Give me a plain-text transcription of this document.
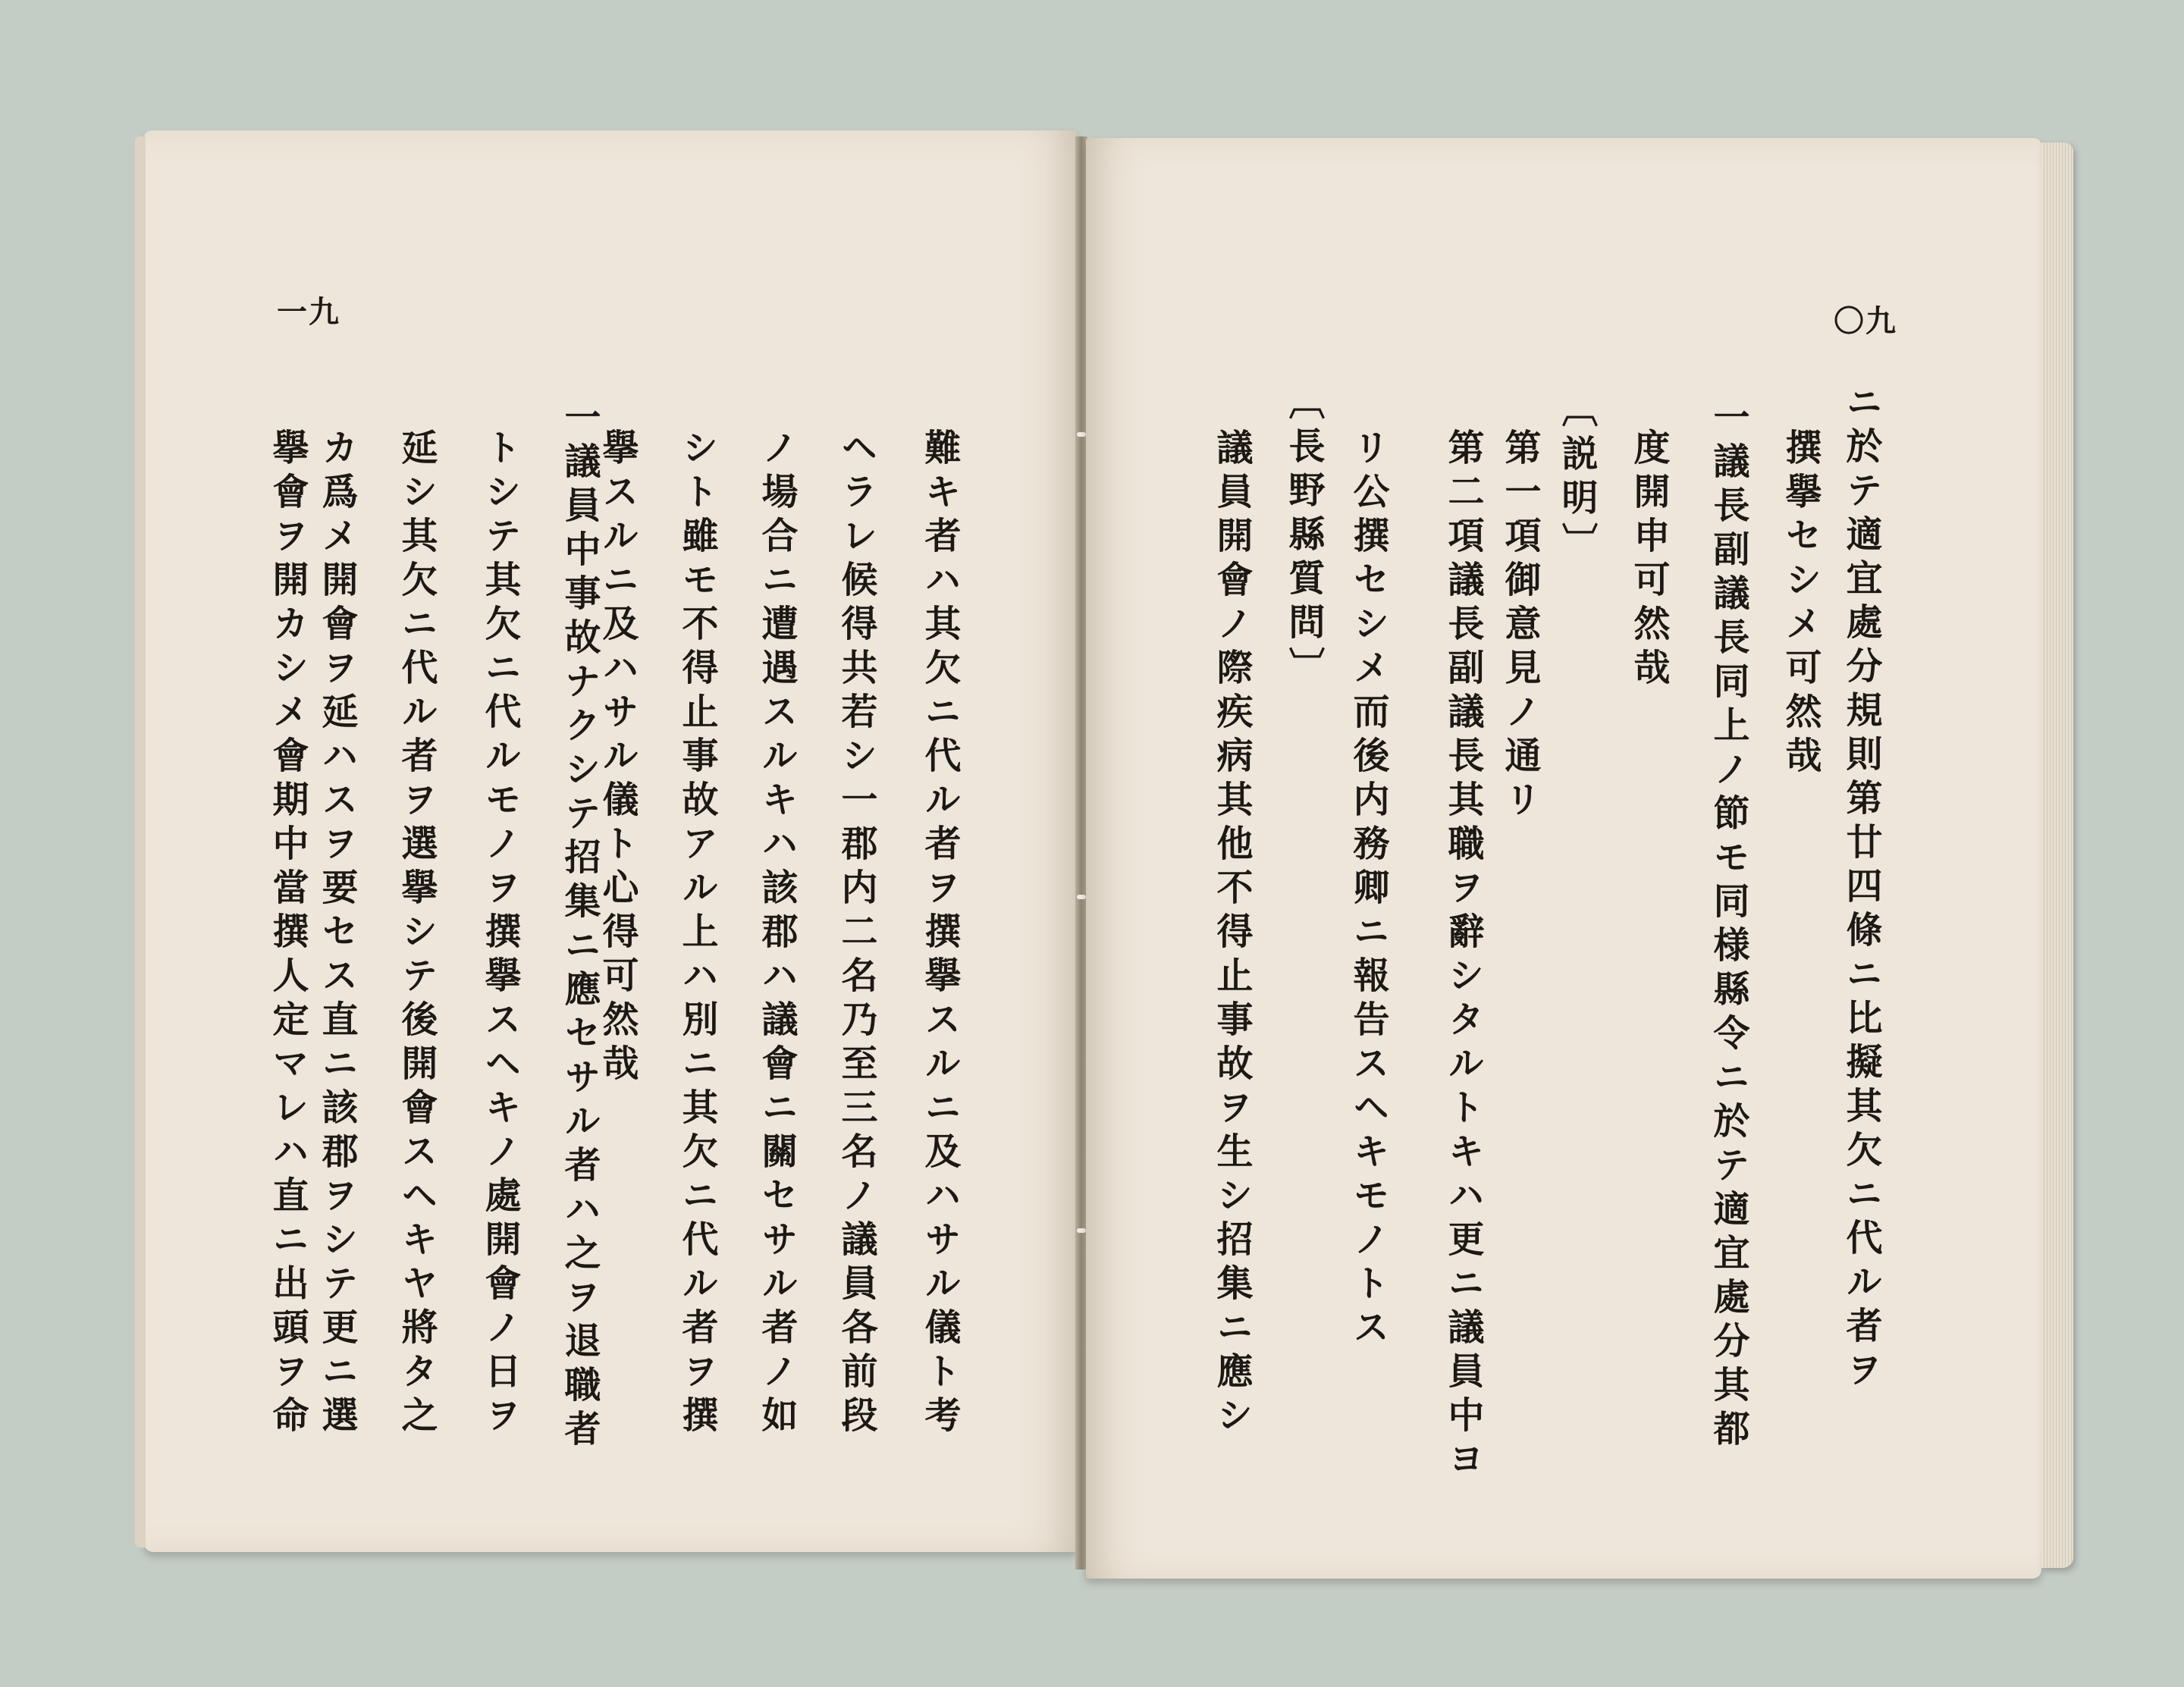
一九
難キ者ハ其欠ニ代ル者ヲ撰擧スルニ及ハサル儀ト考
ヘラレ候得共若シ一郡内二名乃至三名ノ議員各前段
ノ場合ニ遭遇スルキハ該郡ハ議會ニ關セサル者ノ如
シト雖モ不得止事故アル上ハ別ニ其欠ニ代ル者ヲ撰
擧スルニ及ハサル儀ト心得可然哉
一議員中事故ナクシテ招集ニ應セサル者ハ之ヲ退職者
トシテ其欠ニ代ルモノヲ撰擧スヘキノ處開會ノ日ヲ
延シ其欠ニ代ル者ヲ選擧シテ後開會スヘキヤ將タ之
カ爲メ開會ヲ延ハスヲ要セス直ニ該郡ヲシテ更ニ選
擧會ヲ開カシメ會期中當撰人定マレハ直ニ出頭ヲ命
〇九
ニ於テ適宜處分規則第廿四條ニ比擬其欠ニ代ル者ヲ
撰擧セシメ可然哉
一議長副議長同上ノ節モ同様縣令ニ於テ適宜處分其都
度開申可然哉
〔説明〕
第一項御意見ノ通リ
第二項議長副議長其職ヲ辭シタルトキハ更ニ議員中ヨ
リ公撰セシメ而後内務卿ニ報告スヘキモノトス
〔長野縣質問〕
議員開會ノ際疾病其他不得止事故ヲ生シ招集ニ應シ
